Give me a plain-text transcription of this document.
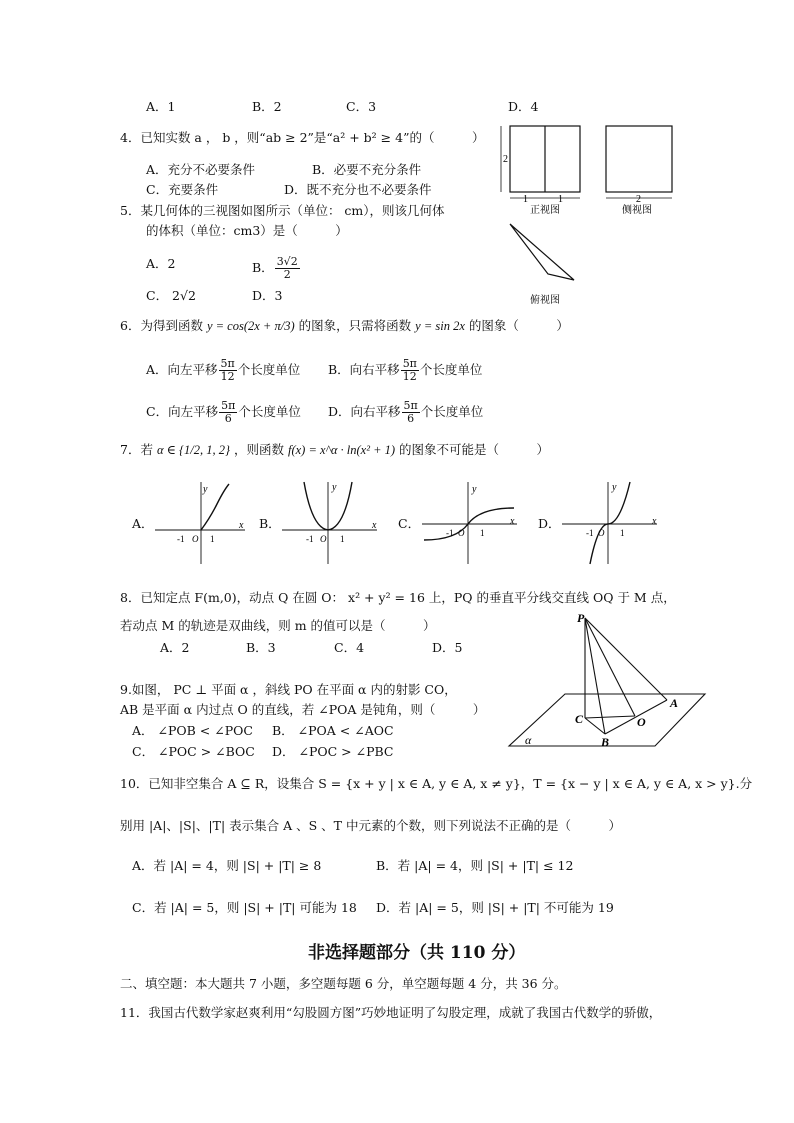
A．1	B．2	C．3	D．4
4．已知实数 a ， b ，则“ab ≥ 2”是“a² + b² ≥ 4”的（　　　）
A．充分不必要条件	B．必要不充分条件
C．充要条件	D．既不充分也不必要条件
2
1	1
正视图
2
侧视图
俯视图
5．某几何体的三视图如图所示（单位： cm），则该几何体
的体积（单位：cm3）是（　　　）
A．2	B． $\frac{3√2}{2}$
C． 2√2	D．3
6．为得到函数 y = cos(2x + π/3) 的图象，只需将函数 y = sin 2x 的图象（　　　）
A．向左平移 $\frac{5\pi}{12}$ 个长度单位 B．向右平移 $\frac{5\pi}{12}$ 个长度单位
C．向左平移 $\frac{5\pi}{6}$ 个长度单位 D．向右平移 $\frac{5\pi}{6}$ 个长度单位
7．若 α ∈ {1/2, 1, 2} ，则函数 f(x) = x^α · ln(x² + 1) 的图象不可能是（　　　）
A．	x
y
-1 O 1
B．	x
y
-1 O 1
C．	x
y
-1 O 1
D．	x
y
-1 O 1
8．已知定点 F(m,0)，动点 Q 在圆 O： x² + y² = 16 上，PQ 的垂直平分线交直线 OQ 于 M 点，
若动点 M 的轨迹是双曲线，则 m 的值可以是（　　　）
A．2	B．3	C．4	D．5
P
A
B
C	O
α
9.如图， PC ⊥ 平面 α ，斜线 PO 在平面 α 内的射影 CO，
AB 是平面 α 内过点 O 的直线，若 ∠POA 是钝角，则（　　　）
A． ∠POB < ∠POC B． ∠POA < ∠AOC
C． ∠POC > ∠BOC D． ∠POC > ∠PBC
10．已知非空集合 A ⊆ R，设集合 S = {x + y | x ∈ A, y ∈ A, x ≠ y}，T = {x − y | x ∈ A, y ∈ A, x > y}.分
别用 |A|、|S|、|T| 表示集合 A 、S 、T 中元素的个数，则下列说法不正确的是（　　　）
A．若 |A| = 4，则 |S| + |T| ≥ 8	B．若 |A| = 4，则 |S| + |T| ≤ 12
C．若 |A| = 5，则 |S| + |T| 可能为 18 D．若 |A| = 5，则 |S| + |T| 不可能为 19
非选择题部分（共 110 分）
二、填空题：本大题共 7 小题，多空题每题 6 分，单空题每题 4 分，共 36 分。
11．我国古代数学家赵爽利用“勾股圆方图”巧妙地证明了勾股定理，成就了我国古代数学的骄傲，
